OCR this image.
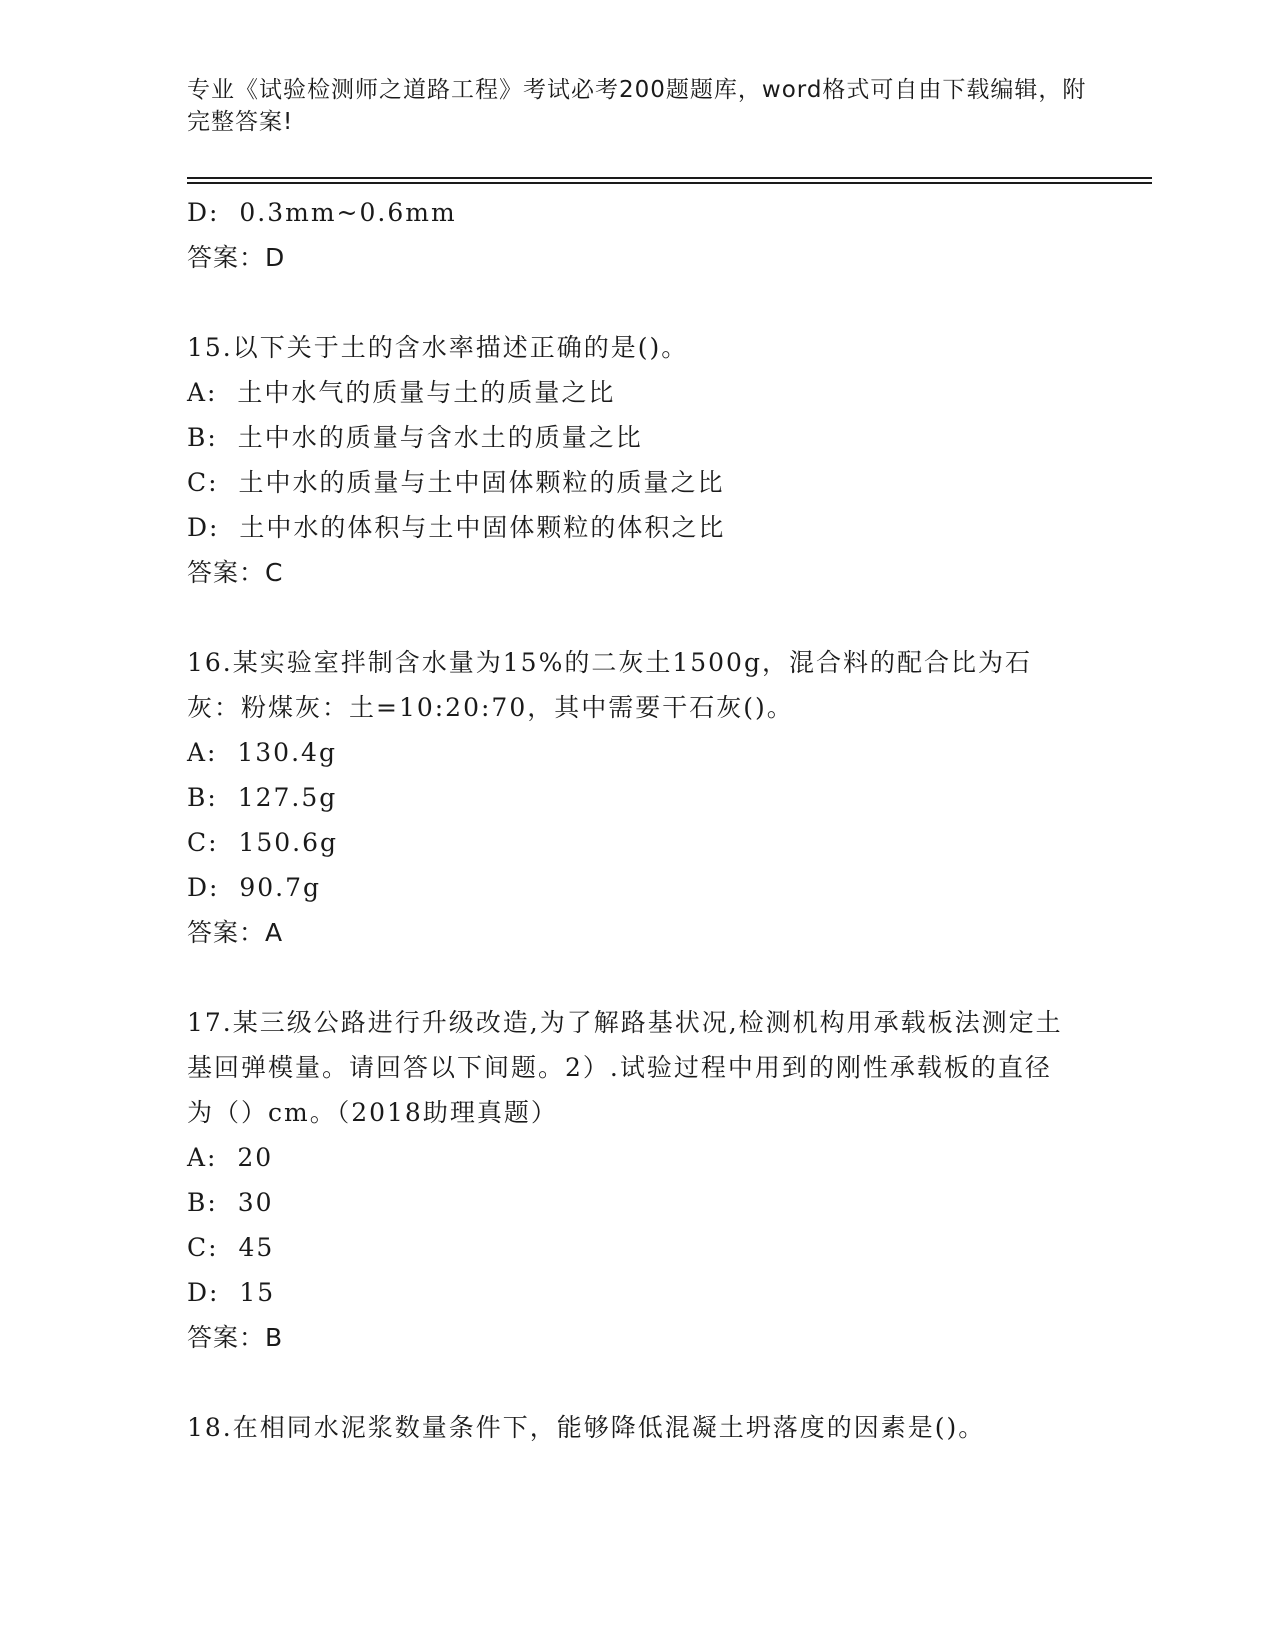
专业《试验检测师之道路工程》考试必考200题题库，word格式可自由下载编辑，附完整答案!
D:  0.3mm~0.6mm
答案：D
15.以下关于土的含水率描述正确的是()。
A:  土中水气的质量与土的质量之比
B:  土中水的质量与含水土的质量之比
C:  土中水的质量与土中固体颗粒的质量之比
D:  土中水的体积与土中固体颗粒的体积之比
答案：C
16.某实验室拌制含水量为15%的二灰土1500g，混合料的配合比为石灰：粉煤灰：土=10:20:70，其中需要干石灰()。
A:  130.4g
B:  127.5g
C:  150.6g
D:  90.7g
答案：A
17.某三级公路进行升级改造,为了解路基状况,检测机构用承载板法测定土基回弹模量。请回答以下间题。2）.试验过程中用到的刚性承载板的直径为（）cm。（2018助理真题）
A:  20
B:  30
C:  45
D:  15
答案：B
18.在相同水泥浆数量条件下，能够降低混凝土坍落度的因素是()。
